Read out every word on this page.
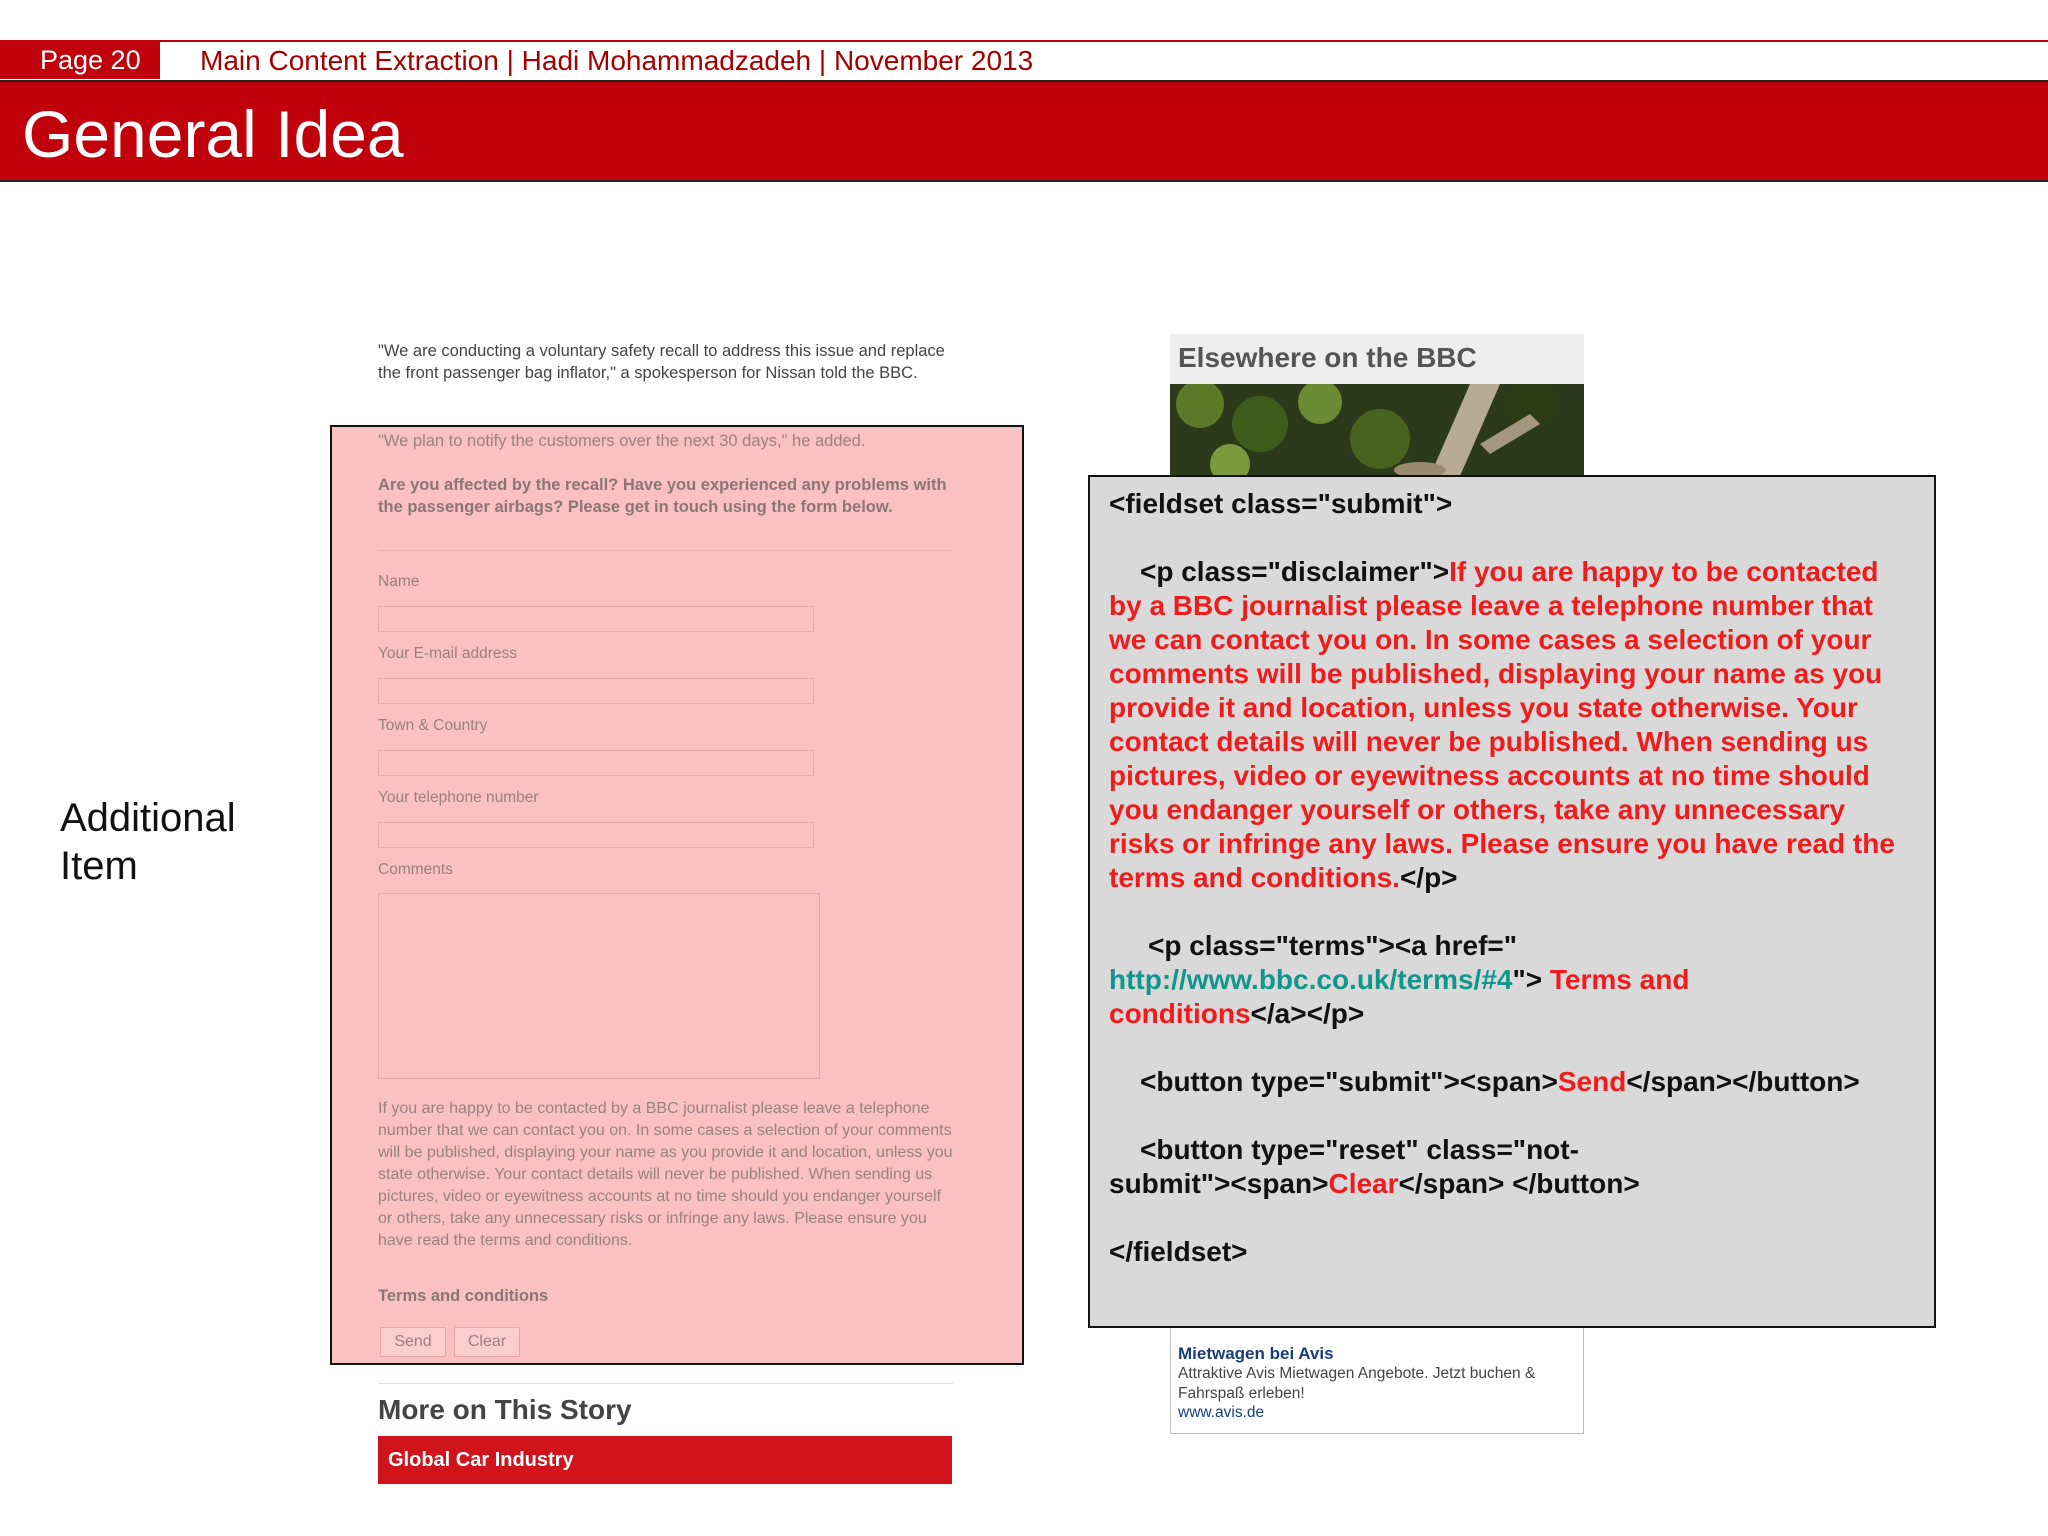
Page 20	Main Content Extraction | Hadi Mohammadzadeh | November 2013
General Idea
Additional
Item
"We are conducting a voluntary safety recall to address this issue and replace the front passenger bag inflator," a spokesperson for Nissan told the BBC.
"We plan to notify the customers over the next 30 days," he added.
Are you affected by the recall? Have you experienced any problems with the passenger airbags? Please get in touch using the form below.
Name
Your E-mail address
Town & Country
Your telephone number
Comments
If you are happy to be contacted by a BBC journalist please leave a telephone number that we can contact you on. In some cases a selection of your comments will be published, displaying your name as you provide it and location, unless you state otherwise. Your contact details will never be published. When sending us pictures, video or eyewitness accounts at no time should you endanger yourself or others, take any unnecessary risks or infringe any laws. Please ensure you have read the terms and conditions.
Terms and conditions
Send	Clear
More on This Story
Global Car Industry
Elsewhere on the BBC
Mietwagen bei Avis
Attraktive Avis Mietwagen Angebote. Jetzt buchen & Fahrspaß erleben!
www.avis.de
<fieldset class="submit">
<p class="disclaimer">If you are happy to be contacted
by a BBC journalist please leave a telephone number that
we can contact you on. In some cases a selection of your
comments will be published, displaying your name as you
provide it and location, unless you state otherwise. Your
contact details will never be published. When sending us
pictures, video or eyewitness accounts at no time should
you endanger yourself or others, take any unnecessary
risks or infringe any laws. Please ensure you have read the
terms and conditions.</p>
<p class="terms"><a href="
http://www.bbc.co.uk/terms/#4"> Terms and
conditions</a></p>
<button type="submit"><span>Send</span></button>
<button type="reset" class="not-
submit"><span>Clear</span> </button>
</fieldset>
